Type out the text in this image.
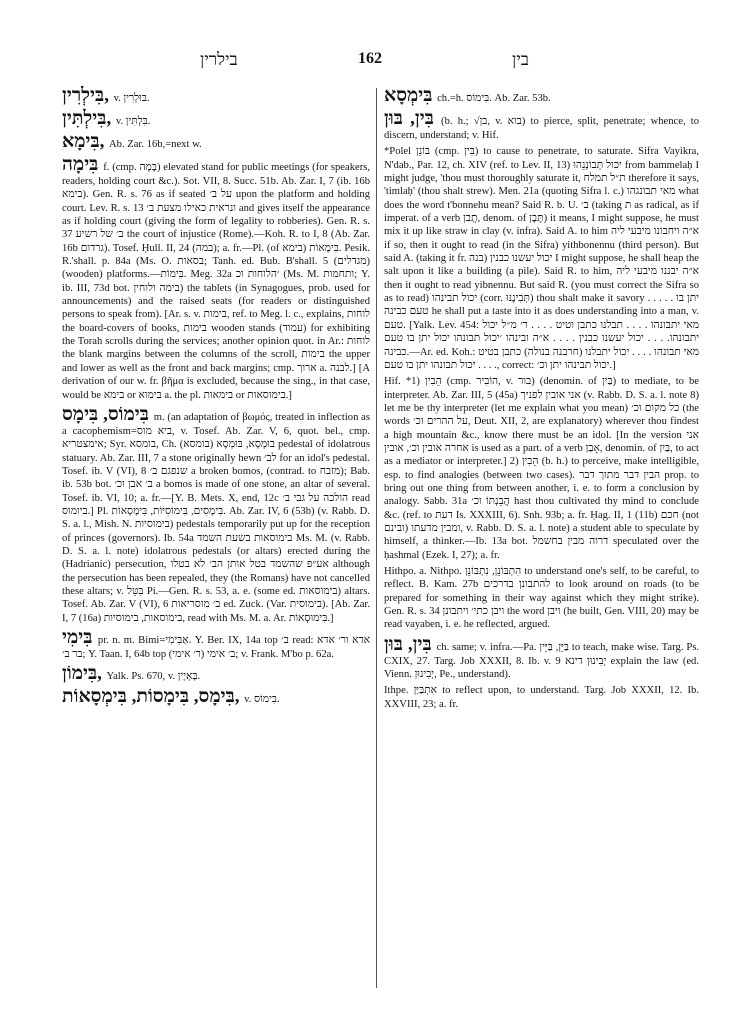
בילרין	162	בין

בִּילְרִין, v. בּוּלְרִין.

בִּילְתִּין, v. בִּלְתִּין.

בִּימָא, Ab. Zar. 16b,=next w.

בִּימָה f. (cmp. בָּמָה) elevated stand for public meetings (for speakers, readers, holding court &c.). Sot. VII, 8. Succ. 51b. Ab. Zar. I, 7 (ib. 16b בימא). Gen. R. s. 76 as if seated על ב׳ upon the platform and holding court. Lev. R. s. 13 ונראית כאילו מצעת ב׳ and gives itself the appearance as if holding court (giving the form of legality to robberies). Gen. R. s. 37 ב׳ של רשיע the court of injustice (Rome).—Koh. R. to I, 8 (Ab. Zar. 16b גרדום). Tosef. Ḥull. II, 24 (במה); a. fr.—Pl. (of בימא) בִּימָאוֹת. Pesik. R.'shall. p. 84a (Ms. O. בסאות; Tanh. ed. Bub. B'shall. 5 (מגדלים) (wooden) platforms.—בִּימוֹת. Meg. 32a ׳הלוחות וכ (Ms. M. ותחמות; Y. ib. III, 73d bot. בימה ולוחין) the tablets (in Synagogues, prob. used for announcements) and the raised seats (for readers or distinguished persons to speak from). [Ar. s. v. בימות, ref. to Meg. l. c., explains, לוחות the board-covers of books, בימות wooden stands (עמוד) for exhibiting the Torah scrolls during the services; another opinion quot. in Ar.: לוחות the blank margins between the columns of the scroll, בימות the upper and lower as well as the front and back margins; cmp. ארוך a. לבנה.] [A derivation of our w. fr. βῆμα is excluded, because the sing., in that case, would be בימא or בימוא a. the pl. בימאות or בימוסאות.]

בִּימוֹס, בִּימָס m. (an adaptation of βωμός, treated in inflection as a cacophemism=ביא מוס, v. Tosef. Ab. Zar. V, 6, quot. bel., cmp. אימצטריא; Syr. בומסא, Ch. בוּמְסָא, בּוּמְסָא (בומסא) pedestal of idolatrous statuary. Ab. Zar. III, 7 a stone originally hewn לב׳ for an idol's pedestal. Tosef. ib. V (VI), 8 שנפגם ב׳ a broken bomos, (contrad. to מזבח); Bab. ib. 53b bot. ב׳ אבן וכ׳ a bomos is made of one stone, an altar of several. Tosef. ib. VI, 10; a. fr.—[Y. B. Mets. X, end, 12c הולכה על גבי ב׳ read ביומוס.] Pl. בִּימָסִים, בִּימוֹסִיּוֹת, בִּימָסְאוֹת. Ab. Zar. IV, 6 (53b) (v. Rabb. D. S. a. l., Mish. N. בימוסיות) pedestals temporarily put up for the reception of princes (governors). Ib. 54a בימוסאות בשעת השמד Ms. M. (v. Rabb. D. S. a. l. note) idolatrous pedestals (or altars) erected during the (Hadrianic) persecution, אע״פ שהשמד בטל אותן הב׳ לא בטלו although the persecution has been repealed, they (the Romans) have not cancelled these altars; v. בִּטֵּל Pi.—Gen. R. s. 53, a. e. (some ed. בימוסאות) altars. Tosef. Ab. Zar. V (VI), 6 ב׳ מוסריאות ed. Zuck. (Var. בימוסית). [Ab. Zar. I, 7 (16a) בימוסאות, בימוסיות, read with Ms. M. a. Ar. בִּימוּסְאוֹת.]

בִּימִי pr. n. m. Bimi=אַבִּימִי. Y. Ber. IX, 14a top ב׳ read: אדא ור׳ אדא בר ב׳; Y. Taan. I, 64b top ב׳ אימי (ר׳ אימי); v. Frank. M'bo p. 62a.

בִּימוֹן, Yalk. Ps. 670, v. בָּאְיָין.

בִּימָס, בִּימָסוֹת, בִּימְסָאוֹת, v. בִּימוֹס.

בִּימְסָא ch.=h. בִּימוֹס. Ab. Zar. 53b.

בִּין, בּוּן (b. h.; √בן, v. בוא) to pierce, split, penetrate; whence, to discern, understand; v. Hif.

*Polel בּוֹנֵן (cmp. בִּין) to cause to penetrate, to saturate. Sifra Vayikra, N'dab., Par. 12, ch. XIV (ref. to Lev. II, 13) יכול תְּבוֹנְנֵהוּ from bammelaḥ I might judge, 'thou must thoroughly saturate it, ת״ל תמלח therefore it says, 'timlaḥ' (thou shalt strew). Men. 21a (quoting Sifra l. c.) מאי תבונגהו what does the word t'bonnehu mean? Said R. b. U. ב׳ (taking ת as radical, as if imperat. of a verb תֲבן, denom. of תֶּבֶן) it means, I might suppose, he must mix it up like straw in clay (v. infra). Said A. to him א״ה ויחבונו מיבעי ליה if so, then it ought to read (in the Sifra) yithbonennu (third person). But said A. (taking it fr. בנה) יכול יעשנו כבנין I might suppose, he shall heap the salt upon it like a building (a pile). Said R. to him, א״ה יבננו מיבעי ליה then it ought to read yibnennu. But said R. (you must correct the Sifra so as to read) יכול תבינהו (corr. תְּבִינֶנּוּ) thou shalt make it savory . . . . . יתן בו טעם כבינה he shall put a taste into it as does understanding into a man, v. טעם. [Yalk. Lev. 454: מאי יתבונהו . . . . תבלנו כתבן וטיט . . . . ר׳ מ״ל יכול יתבונהו. . . . יכול יעשנו כבנין . . . . א״ה ובינהו ׳יכול תבונהו יכול יתן בו טעם כבינה.—Ar. ed. Koh.: מאי תבונהו . . . . יכול יתבלנו (חרבנה בנולה) כתבן בטיט . . . . יכול תבונהו יתן בו טעם, correct: יכול תבינהו יתן וכ׳.]

Hif. *1) הֵבִין (cmp. הוֹבִיר, v. בור) (denomin. of בַּיִן) to mediate, to be interpreter. Ab. Zar. III, 5 (45a) אני אובין לפניך (v. Rabb. D. S. a. l. note 8) let me be thy interpreter (let me explain what you mean) כל מקום וכ׳ (the words על ההרים וכ׳, Deut. XII, 2, are explanatory) wherever thou findest a high mountain &c., know there must be an idol. [In the version אני אחרה אובין וכ׳, אובין is used as a part. of a verb אָבַן, denomin. of בַּיִן, to act as a mediator or interpreter.] 2) הֵבִין (b. h.) to perceive, make intelligible, esp. to find analogies (between two cases). הבין דבר מתוך דבר prop. to bring out one thing from between another, i. e. to form a conclusion by analogy. Sabb. 31a הֲבֵנְתּוֹ וכ׳ hast thou cultivated thy mind to conclude &c. (ref. to דעת Is. XXXIII, 6). Snh. 93b; a. fr. Ḥag. II, 1 (11b) חכם (not ובינם) ומבין מדעתו, v. Rabb. D. S. a. l. note) a student able to speculate by himself, a thinker.—Ib. 13a bot. דרוה מבין בחשמל speculated over the ḥashmal (Ezek. I, 27); a. fr.

Hithpo. a. Nithpo. הִתְבּוֹנֵן, נִתְבּוֹנֵן to understand one's self, to be careful, to reflect. B. Kam. 27b להתבונן בדרכים to look around on roads (to be prepared for something in their way against which they might strike). Gen. R. s. 34 ויבן כתי׳ ויתבונן the word ויבן (he built, Gen. VIII, 20) may be read vayaben, i. e. he reflected, argued.

בִּין, בּוּן ch. same; v. infra.—Pa. בַּיֵּן, בַּיֵּין to teach, make wise. Targ. Ps. CXIX, 27. Targ. Job XXXII, 8. Ib. v. 9 יְבִינוּן דינא explain the law (ed. Vienn. יְבִינוּן, Pe., understand).

Ithpe. אִתְבַּיַּן to reflect upon, to understand. Targ. Job XXXII, 12. Ib. XXVIII, 23; a. fr.
